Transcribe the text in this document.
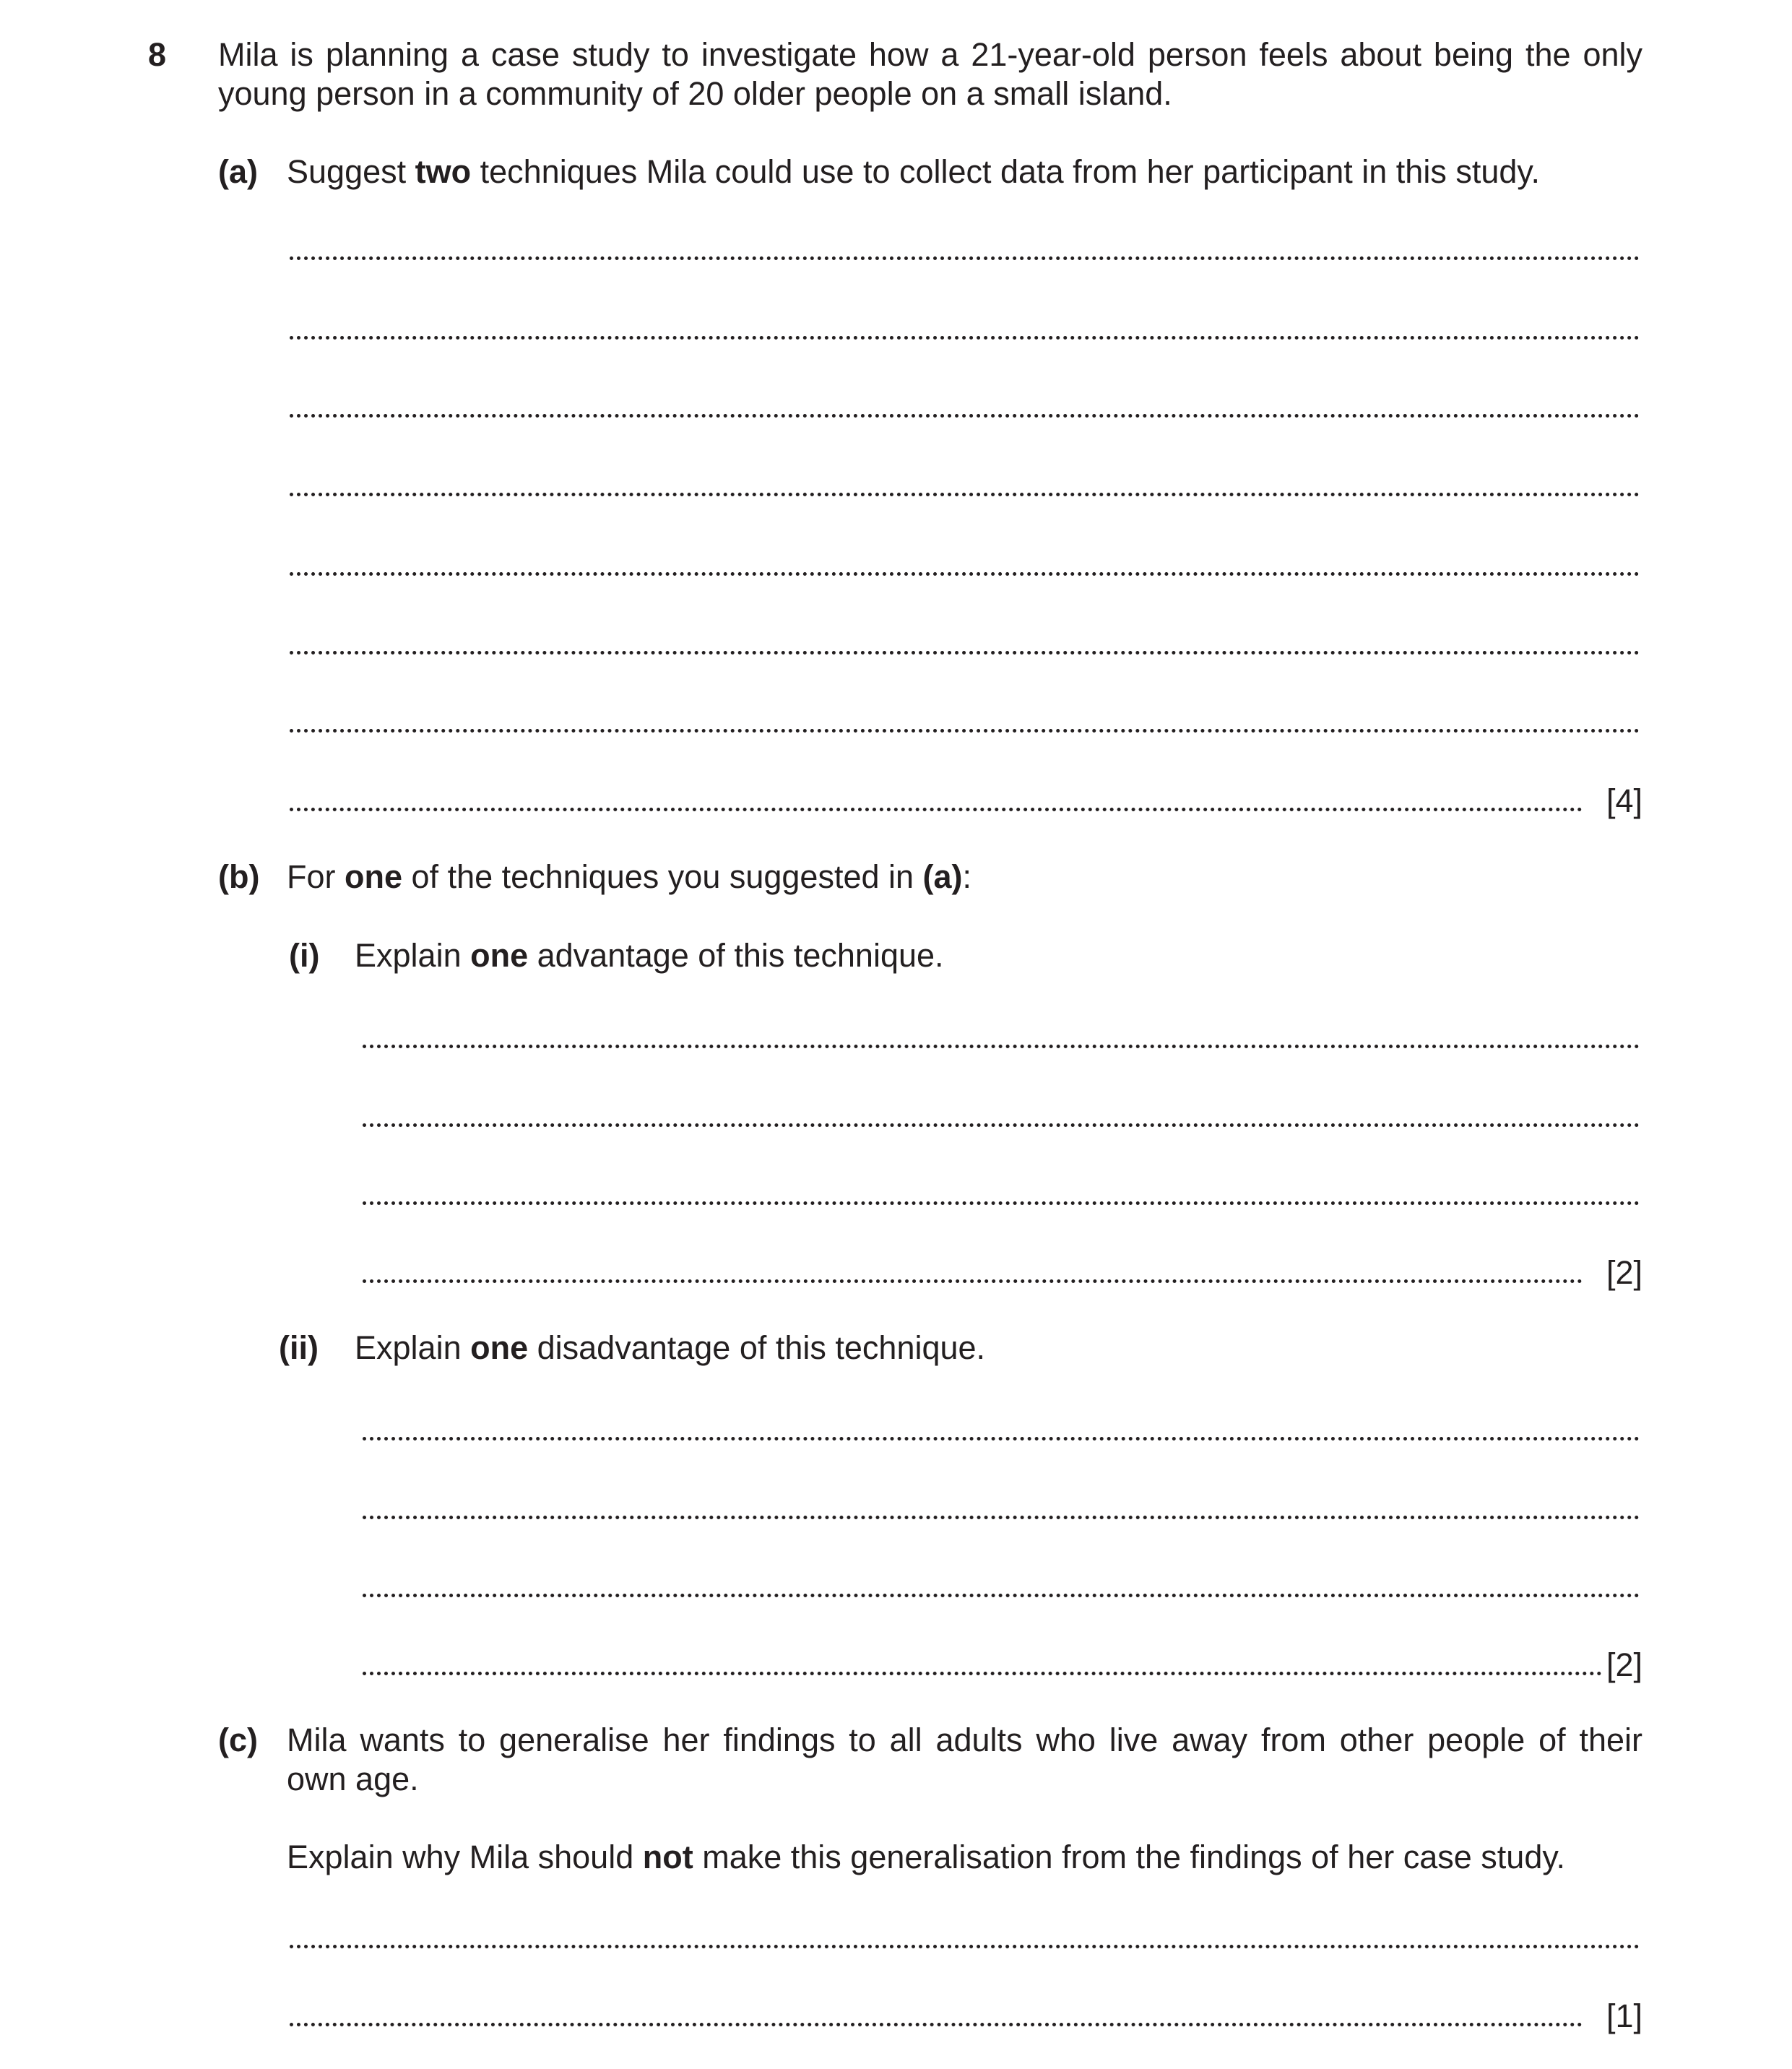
8 Mila is planning a case study to investigate how a 21-year-old person feels about being the only
young person in a community of 20 older people on a small island.
(a) Suggest two techniques Mila could use to collect data from her participant in this study.
[4]
(b) For one of the techniques you suggested in (a):
(i) Explain one advantage of this technique.
[2]
(ii) Explain one disadvantage of this technique.
[2]
(c) Mila wants to generalise her findings to all adults who live away from other people of their
own age.
Explain why Mila should not make this generalisation from the findings of her case study.
[1]
